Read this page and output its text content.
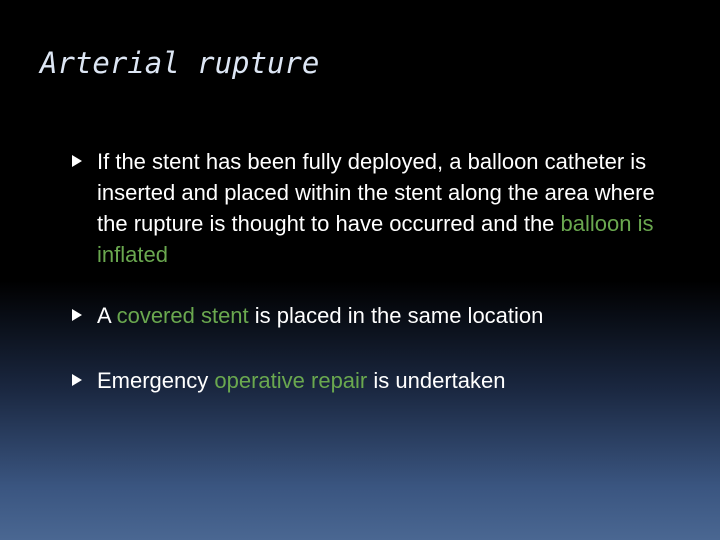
Arterial rupture
If the stent has been fully deployed, a balloon catheter is inserted and placed within the stent along the area where the rupture is thought to have occurred and the balloon is inflated
A covered stent is placed in the same location
Emergency operative repair is undertaken
